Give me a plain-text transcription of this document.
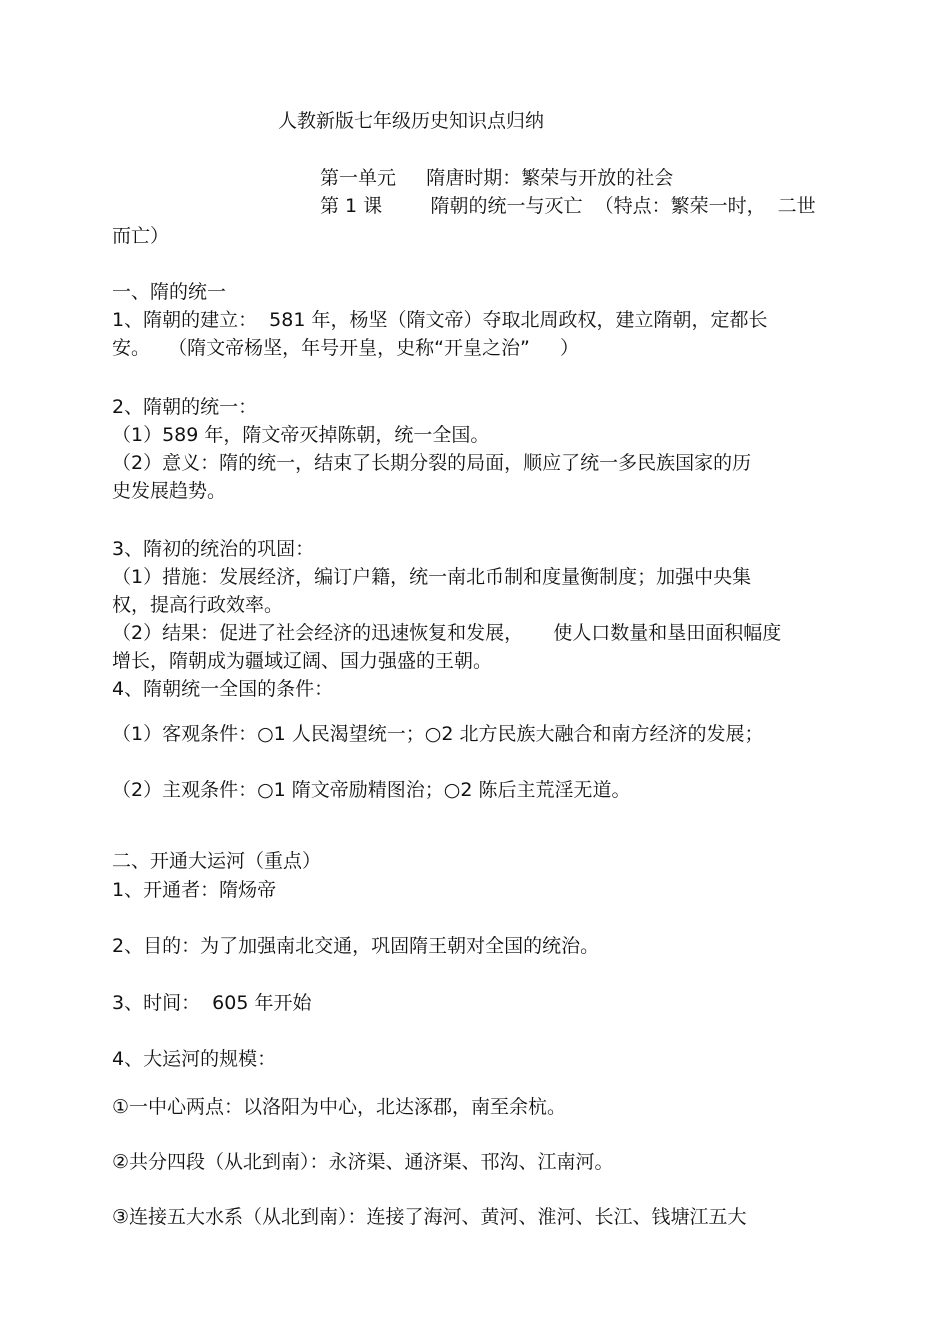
人教新版七年级历史知识点归纳
第一单元     隋唐时期：繁荣与开放的社会
第 1 课        隋朝的统一与灭亡  （特点：繁荣一时，  二世
而亡）
一、隋的统一
1、隋朝的建立：  581 年，杨坚（隋文帝）夺取北周政权，建立隋朝，定都长
安。   （隋文帝杨坚，年号开皇，史称“开皇之治”     ）
2、隋朝的统一：
（1）589 年，隋文帝灭掉陈朝，统一全国。
（2）意义：隋的统一，结束了长期分裂的局面，顺应了统一多民族国家的历
史发展趋势。
3、隋初的统治的巩固：
（1）措施：发展经济，编订户籍，统一南北币制和度量衡制度；加强中央集
权，提高行政效率。
（2）结果：促进了社会经济的迅速恢复和发展，     使人口数量和垦田面积幅度
增长，隋朝成为疆域辽阔、国力强盛的王朝。
4、隋朝统一全国的条件：
（1）客观条件：○1 人民渴望统一；○2 北方民族大融合和南方经济的发展；
（2）主观条件：○1 隋文帝励精图治；○2 陈后主荒淫无道。
二、开通大运河（重点）
1、开通者：隋炀帝
2、目的：为了加强南北交通，巩固隋王朝对全国的统治。
3、时间：  605 年开始
4、大运河的规模：
①一中心两点：以洛阳为中心，北达涿郡，南至余杭。
②共分四段（从北到南）：永济渠、通济渠、邗沟、江南河。
③连接五大水系（从北到南）：连接了海河、黄河、淮河、长江、钱塘江五大
